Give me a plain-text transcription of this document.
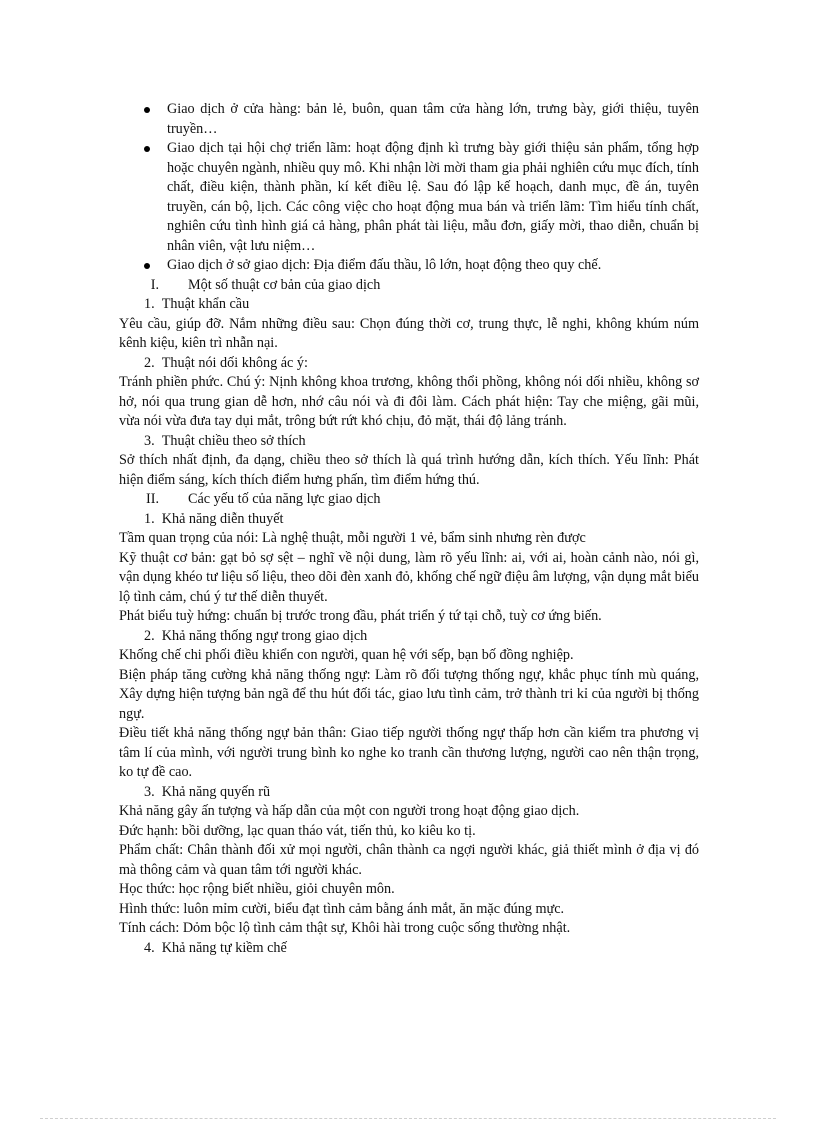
Giao dịch ở cửa hàng: bản lẻ, buôn, quan tâm cửa hàng lớn, trưng bày, giới thiệu, tuyên truyền…
Giao dịch tại hội chợ triển lãm: hoạt động định kì trưng bày giới thiệu sản phẩm, tổng hợp hoặc chuyên ngành, nhiều quy mô. Khi nhận lời mời tham gia phải nghiên cứu mục đích, tính chất, điều kiện, thành phần, kí kết điều lệ. Sau đó lập kế hoạch, danh mục, đề án, tuyên truyền, cán bộ, lịch. Các công việc cho hoạt động mua bán và triển lãm: Tìm hiểu tính chất, nghiên cứu tình hình giá cả hàng, phân phát tài liệu, mẫu đơn, giấy mời, thao diễn, chuẩn bị nhân viên, vật lưu niệm…
Giao dịch ở sở giao dịch: Địa điểm đấu thầu, lô lớn, hoạt động theo quy chế.
I.	Một số thuật cơ bản của giao dịch
1. Thuật khẩn cầu
Yêu cầu, giúp đỡ. Nắm những điều sau: Chọn đúng thời cơ, trung thực, lễ nghi, không khúm núm kênh kiệu, kiên trì nhẫn nại.
2. Thuật nói dối không ác ý:
Tránh phiền phức. Chú ý: Nịnh không khoa trương, không thổi phồng, không nói dối nhiều, không sơ hở, nói qua trung gian dễ hơn, nhớ câu nói và đi đôi làm. Cách phát hiện: Tay che miệng, gãi mũi, vừa nói vừa đưa tay dụi mắt, trông bứt rứt khó chịu, đỏ mặt, thái độ lảng tránh.
3. Thuật chiều theo sở thích
Sở thích nhất định, đa dạng, chiều theo sở thích là quá trình hướng dẫn, kích thích. Yếu lĩnh: Phát hiện điểm sáng, kích thích điểm hưng phấn, tìm điểm hứng thú.
II.	Các yếu tố của năng lực giao dịch
1. Khả năng diễn thuyết
Tầm quan trọng của nói: Là nghệ thuật, mỗi người 1 vẻ, bẩm sinh nhưng rèn được
Kỹ thuật cơ bản: gạt bỏ sợ sệt – nghĩ về nội dung, làm rõ yếu lĩnh: ai, với ai, hoàn cảnh nào, nói gì, vận dụng khéo tư liệu số liệu, theo dõi đèn xanh đỏ, khống chế ngữ điệu âm lượng, vận dụng mắt biểu lộ tình cảm, chú ý tư thế diễn thuyết.
Phát biểu tuỳ hứng: chuẩn bị trước trong đầu, phát triển ý tứ tại chỗ, tuỳ cơ ứng biến.
2. Khả năng thống ngự trong giao dịch
Khống chế chi phối điều khiển con người, quan hệ với sếp, bạn bố đồng nghiệp.
Biện pháp tăng cường khả năng thống ngự: Làm rõ đối tượng thống ngự, khắc phục tính mù quáng, Xây dựng hiện tượng bản ngã để thu hút đối tác, giao lưu tình cảm, trở thành tri kỉ của người bị thống ngự.
Điều tiết khả năng thống ngự bản thân: Giao tiếp người thống ngự thấp hơn cần kiểm tra phương vị tâm lí của mình, với người trung bình ko nghe ko tranh cần thương lượng, người cao nên thận trọng, ko tự đề cao.
3. Khả năng quyến rũ
Khả năng gây ấn tượng và hấp dẫn của một con người trong hoạt động giao dịch.
Đức hạnh: bồi dưỡng, lạc quan tháo vát, tiến thủ, ko kiêu ko tị.
Phẩm chất: Chân thành đối xử mọi người, chân thành ca ngợi người khác, giả thiết mình ở địa vị đó mà thông cảm và quan tâm tới người khác.
Học thức: học rộng biết nhiều, giỏi chuyên môn.
Hình thức: luôn mỉm cười, biểu đạt tình cảm bằng ánh mắt, ăn mặc đúng mực.
Tính cách: Dỏm bộc lộ tình cảm thật sự, Khôi hài trong cuộc sống thường nhật.
4. Khả năng tự kiềm chế
